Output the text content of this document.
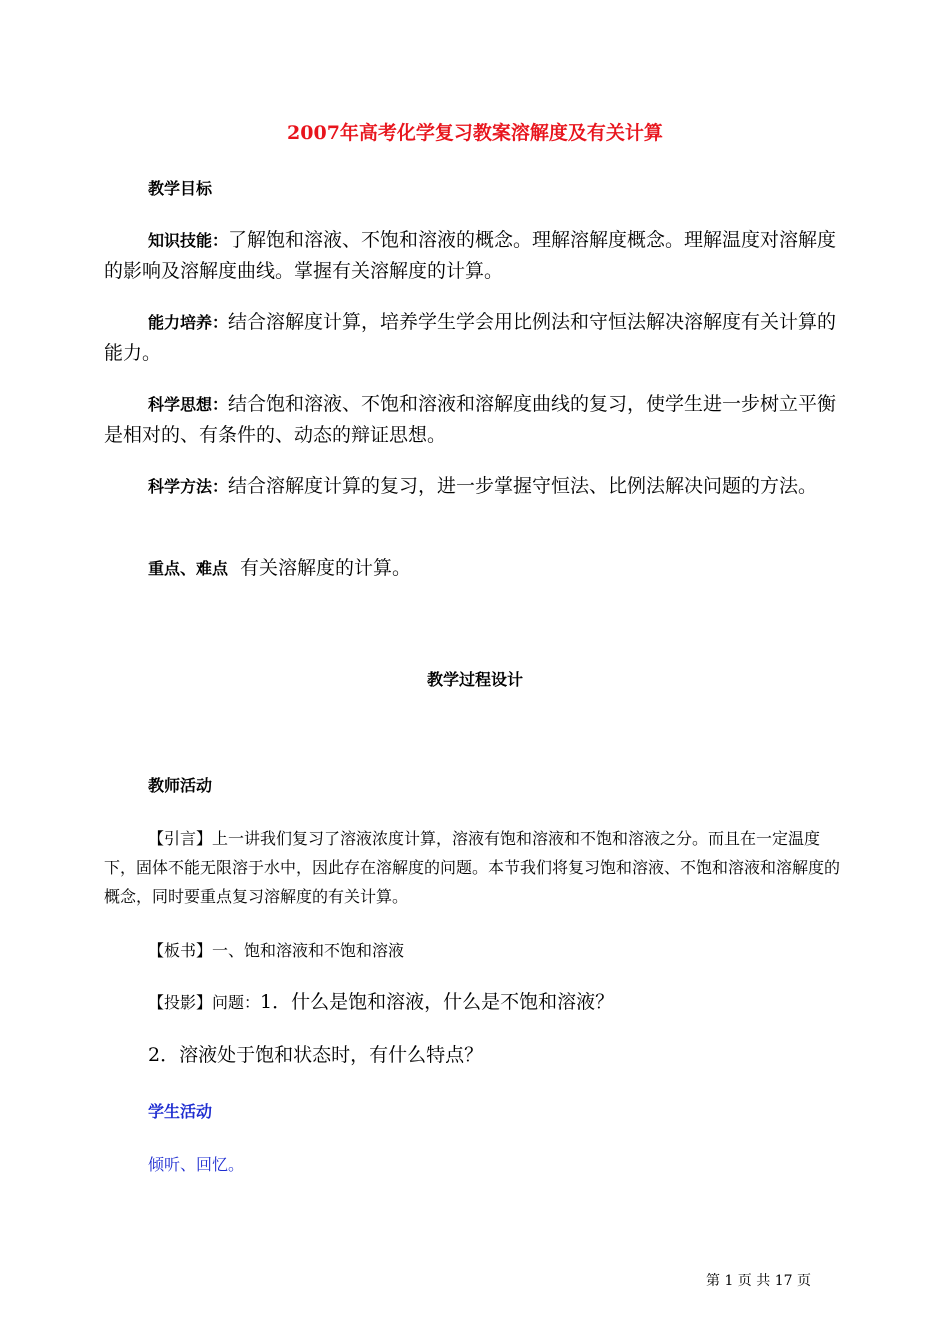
2007年高考化学复习教案溶解度及有关计算
教学目标
知识技能：了解饱和溶液、不饱和溶液的概念。理解溶解度概念。理解温度对溶解度的影响及溶解度曲线。掌握有关溶解度的计算。
能力培养：结合溶解度计算，培养学生学会用比例法和守恒法解决溶解度有关计算的能力。
科学思想：结合饱和溶液、不饱和溶液和溶解度曲线的复习，使学生进一步树立平衡是相对的、有条件的、动态的辩证思想。
科学方法：结合溶解度计算的复习，进一步掌握守恒法、比例法解决问题的方法。
重点、难点 有关溶解度的计算。
教学过程设计
教师活动
【引言】上一讲我们复习了溶液浓度计算，溶液有饱和溶液和不饱和溶液之分。而且在一定温度下，固体不能无限溶于水中，因此存在溶解度的问题。本节我们将复习饱和溶液、不饱和溶液和溶解度的概念，同时要重点复习溶解度的有关计算。
【板书】一、饱和溶液和不饱和溶液
【投影】问题：1．什么是饱和溶液，什么是不饱和溶液？
2．溶液处于饱和状态时，有什么特点？
学生活动
倾听、回忆。
第 1 页 共 17 页
